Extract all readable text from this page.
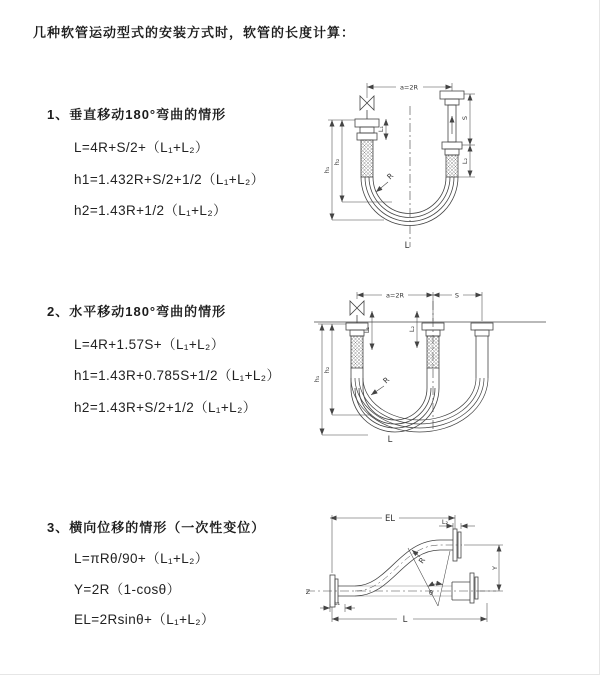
几种软管运动型式的安装方式时，软管的长度计算：
1、垂直移动180°弯曲的情形
L=4R+S/2+（L₁+L₂）
h1=1.432R+S/2+1/2（L₁+L₂）
h2=1.43R+1/2（L₁+L₂）
2、水平移动180°弯曲的情形
L=4R+1.57S+（L₁+L₂）
h1=1.43R+0.785S+1/2（L₁+L₂）
h2=1.43R+S/2+1/2（L₁+L₂）
3、横向位移的情形（一次性变位）
L=πRθ/90+（L₁+L₂）
Y=2R（1-cosθ）
EL=2Rsinθ+（L₁+L₂）
a=2R
L₁
h₁
h₂
S
L₂
R
L
a=2R	S
L₁	L₂
h₁
h₂
R
L
EL	L₂
Y
R
θ
L₁
L
Z
